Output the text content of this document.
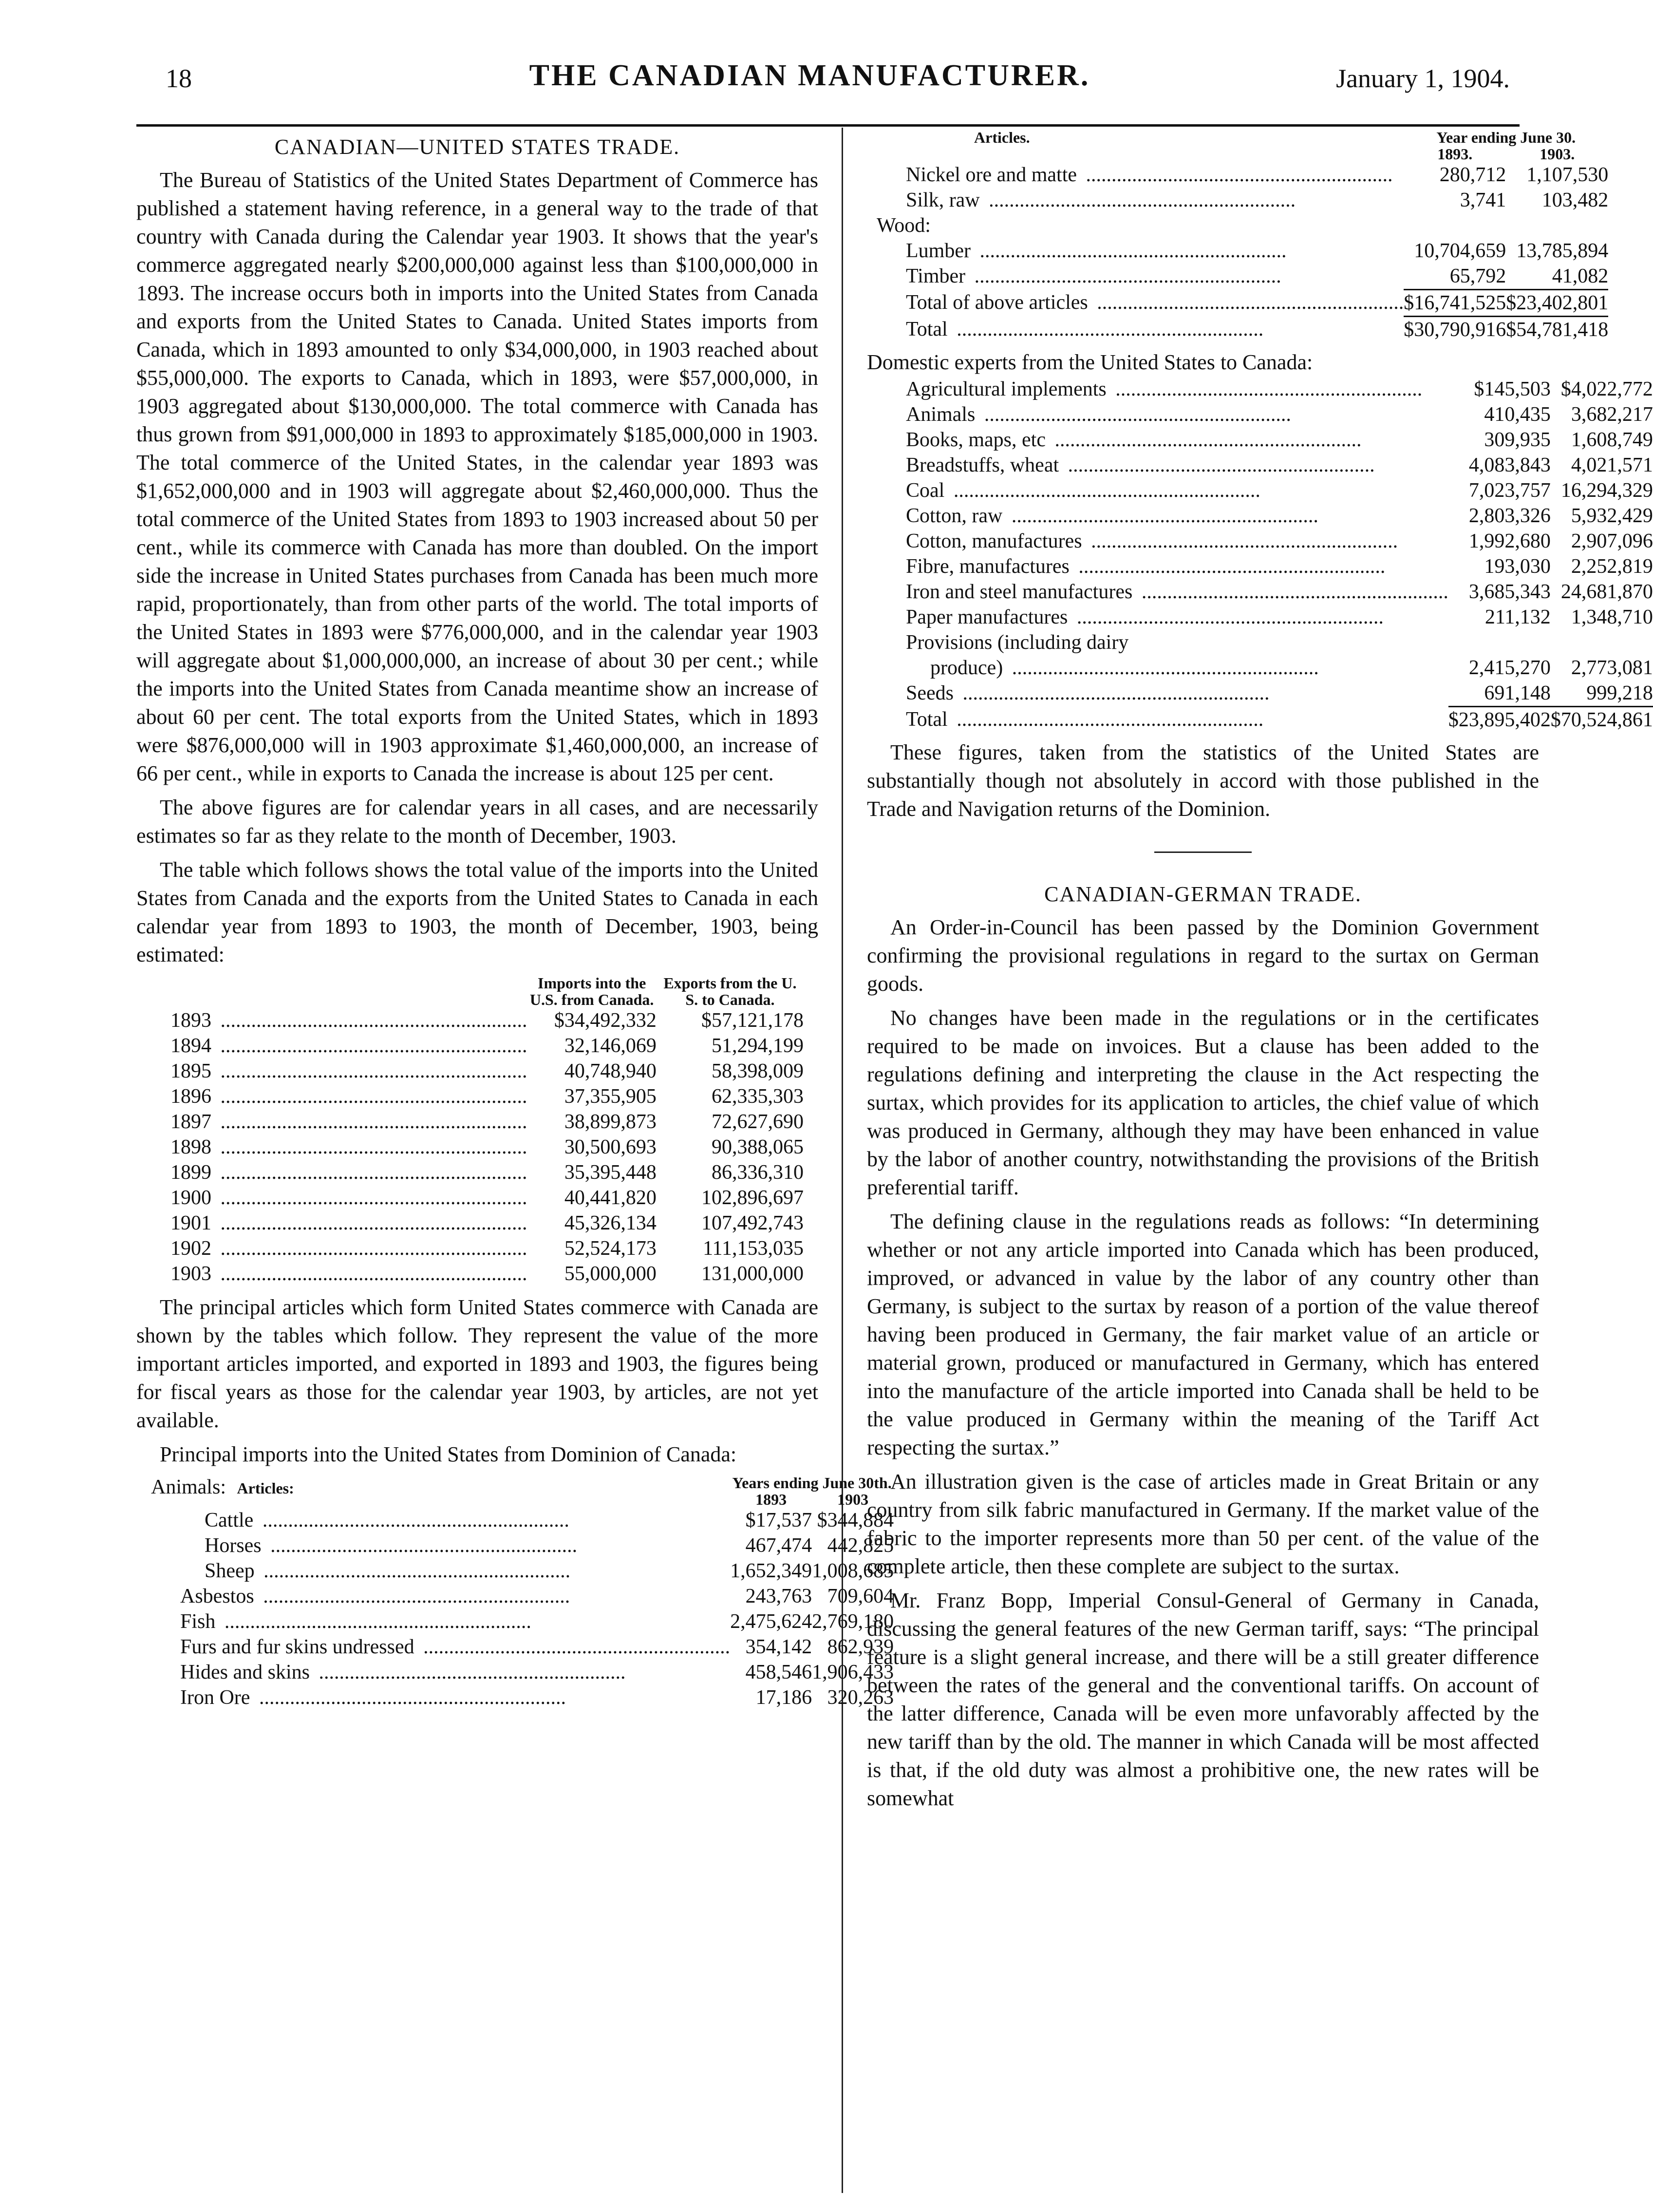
18	THE CANADIAN MANUFACTURER.	January 1, 1904.
CANADIAN—UNITED STATES TRADE.

The Bureau of Statistics of the United States Department of Commerce has published a statement having reference, in a general way to the trade of that country with Canada during the Calendar year 1903. It shows that the year's commerce aggregated nearly $200,000,000 against less than $100,000,000 in 1893. The increase occurs both in imports into the United States from Canada and exports from the United States to Canada. United States imports from Canada, which in 1893 amounted to only $34,000,000, in 1903 reached about $55,000,000. The exports to Canada, which in 1893, were $57,000,000, in 1903 aggregated about $130,000,000. The total commerce with Canada has thus grown from $91,000,000 in 1893 to approximately $185,000,000 in 1903. The total commerce of the United States, in the calendar year 1893 was $1,652,000,000 and in 1903 will aggregate about $2,460,000,000. Thus the total commerce of the United States from 1893 to 1903 increased about 50 per cent., while its commerce with Canada has more than doubled. On the import side the increase in United States purchases from Canada has been much more rapid, proportionately, than from other parts of the world. The total imports of the United States in 1893 were $776,000,000, and in the calendar year 1903 will aggregate about $1,000,000,000, an increase of about 30 per cent.; while the imports into the United States from Canada meantime show an increase of about 60 per cent. The total exports from the United States, which in 1893 were $876,000,000 will in 1903 approximate $1,460,000,000, an increase of 66 per cent., while in exports to Canada the increase is about 125 per cent.

The above figures are for calendar years in all cases, and are necessarily estimates so far as they relate to the month of December, 1903.

The table which follows shows the total value of the imports into the United States from Canada and the exports from the United States to Canada in each calendar year from 1893 to 1903, the month of December, 1903, being estimated:

	Imports into the U.S. from Canada.	Exports from the U. S. to Canada.
1893 ............................................................	$34,492,332	$57,121,178
1894 ............................................................	32,146,069	51,294,199
1895 ............................................................	40,748,940	58,398,009
1896 ............................................................	37,355,905	62,335,303
1897 ............................................................	38,899,873	72,627,690
1898 ............................................................	30,500,693	90,388,065
1899 ............................................................	35,395,448	86,336,310
1900 ............................................................	40,441,820	102,896,697
1901 ............................................................	45,326,134	107,492,743
1902 ............................................................	52,524,173	111,153,035
1903 ............................................................	55,000,000	131,000,000

The principal articles which form United States commerce with Canada are shown by the tables which follow. They represent the value of the more important articles imported, and exported in 1893 and 1903, the figures being for fiscal years as those for the calendar year 1903, by articles, are not yet available.

Principal imports into the United States from Dominion of Canada:

Animals: Articles:	Years ending June 30th.
1893 1903	

Cattle ............................................................	$17,537	$344,884
Horses ............................................................	467,474	442,825
Sheep ............................................................	1,652,349	1,008,685
Asbestos ............................................................	243,763	709,604
Fish ............................................................	2,475,624	2,769,180
Furs and fur skins undressed ............................................................	354,142	862,939
Hides and skins ............................................................	458,546	1,906,433
Iron Ore ............................................................	17,186	320,263
Articles.	Year ending June 30.
1893. 1903.	

Nickel ore and matte ............................................................	280,712	1,107,530
Silk, raw ............................................................	3,741	103,482
Wood:		
Lumber ............................................................	10,704,659	13,785,894
Timber ............................................................	65,792	41,082
Total of above articles ............................................................	$16,741,525	$23,402,801
Total ............................................................	$30,790,916	$54,781,418
Domestic experts from the United States to Canada:
Agricultural implements ............................................................	$145,503	$4,022,772
Animals ............................................................	410,435	3,682,217
Books, maps, etc ............................................................	309,935	1,608,749
Breadstuffs, wheat ............................................................	4,083,843	4,021,571
Coal ............................................................	7,023,757	16,294,329
Cotton, raw ............................................................	2,803,326	5,932,429
Cotton, manufactures ............................................................	1,992,680	2,907,096
Fibre, manufactures ............................................................	193,030	2,252,819
Iron and steel manufactures ............................................................	3,685,343	24,681,870
Paper manufactures ............................................................	211,132	1,348,710
Provisions (including dairy		
produce) ............................................................	2,415,270	2,773,081
Seeds ............................................................	691,148	999,218
Total ............................................................	$23,895,402	$70,524,861

These figures, taken from the statistics of the United States are substantially though not absolutely in accord with those published in the Trade and Navigation returns of the Dominion.

CANADIAN-GERMAN TRADE.

An Order-in-Council has been passed by the Dominion Government confirming the provisional regulations in regard to the surtax on German goods.

No changes have been made in the regulations or in the certificates required to be made on invoices. But a clause has been added to the regulations defining and interpreting the clause in the Act respecting the surtax, which provides for its application to articles, the chief value of which was produced in Germany, although they may have been enhanced in value by the labor of another country, notwithstanding the provisions of the British preferential tariff.

The defining clause in the regulations reads as follows: “In determining whether or not any article imported into Canada which has been produced, improved, or advanced in value by the labor of any country other than Germany, is subject to the surtax by reason of a portion of the value thereof having been produced in Germany, the fair market value of an article or material grown, produced or manufactured in Germany, which has entered into the manufacture of the article imported into Canada shall be held to be the value produced in Germany within the meaning of the Tariff Act respecting the surtax.”

An illustration given is the case of articles made in Great Britain or any country from silk fabric manufactured in Germany. If the market value of the fabric to the importer represents more than 50 per cent. of the value of the complete article, then these complete are subject to the surtax.

Mr. Franz Bopp, Imperial Consul-General of Germany in Canada, discussing the general features of the new German tariff, says: “The principal feature is a slight general increase, and there will be a still greater difference between the rates of the general and the conventional tariffs. On account of the latter difference, Canada will be even more unfavorably affected by the new tariff than by the old. The manner in which Canada will be most affected is that, if the old duty was almost a prohibitive one, the new rates will be somewhat
